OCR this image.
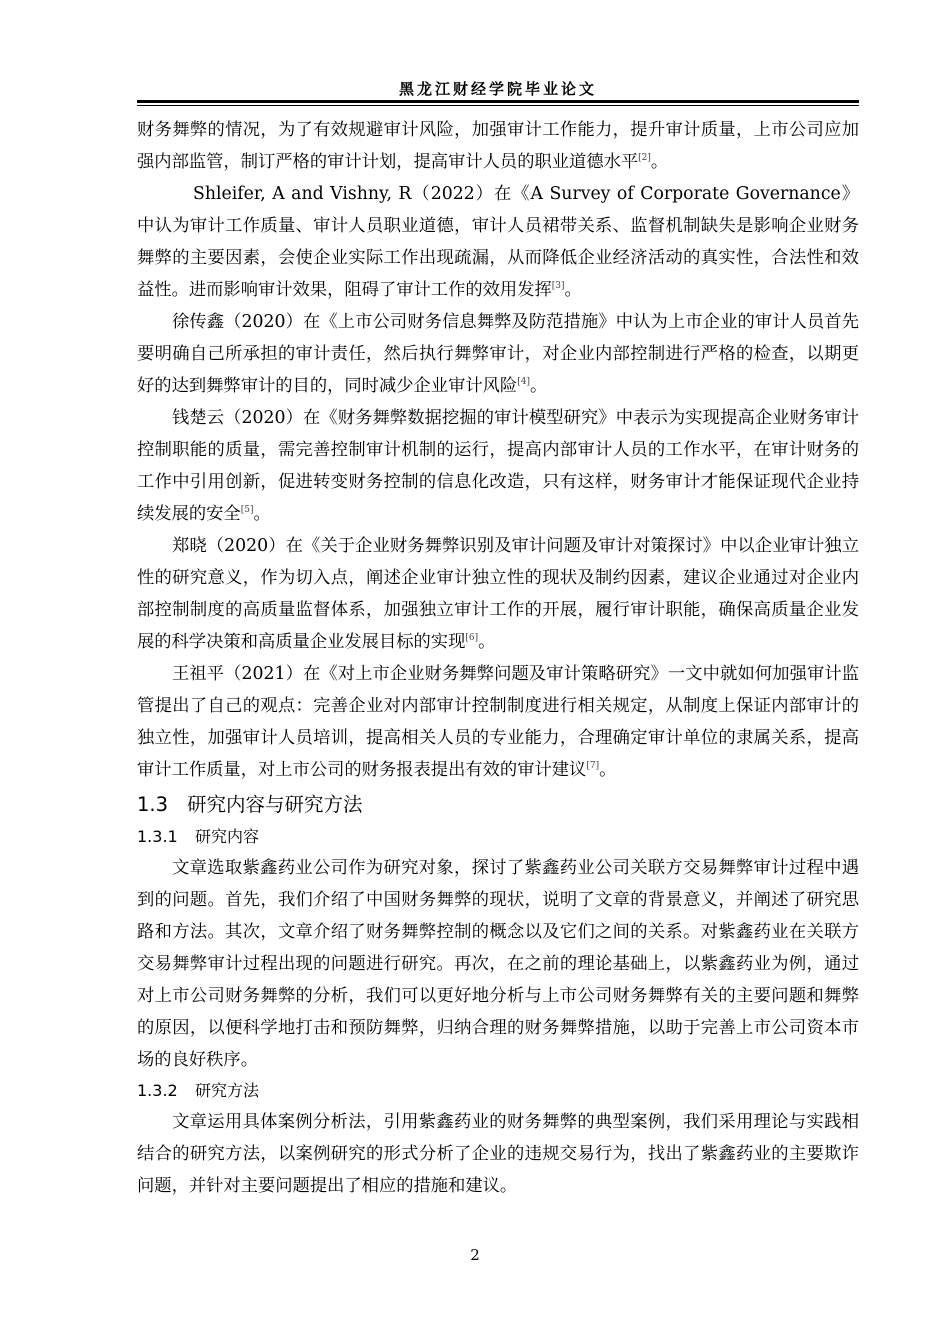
黑龙江财经学院毕业论文

财务舞弊的情况，为了有效规避审计风险，加强审计工作能力，提升审计质量，上市公司应加强内部监管，制订严格的审计计划，提高审计人员的职业道德水平[2]。

Shleifer, A and Vishny, R（2022）在《A Survey of Corporate Governance》中认为审计工作质量、审计人员职业道德，审计人员裙带关系、监督机制缺失是影响企业财务舞弊的主要因素，会使企业实际工作出现疏漏，从而降低企业经济活动的真实性，合法性和效益性。进而影响审计效果，阻碍了审计工作的效用发挥[3]。

徐传鑫（2020）在《上市公司财务信息舞弊及防范措施》中认为上市企业的审计人员首先要明确自己所承担的审计责任，然后执行舞弊审计，对企业内部控制进行严格的检查，以期更好的达到舞弊审计的目的，同时减少企业审计风险[4]。

钱楚云（2020）在《财务舞弊数据挖掘的审计模型研究》中表示为实现提高企业财务审计控制职能的质量，需完善控制审计机制的运行，提高内部审计人员的工作水平，在审计财务的工作中引用创新，促进转变财务控制的信息化改造，只有这样，财务审计才能保证现代企业持续发展的安全[5]。

郑晓（2020）在《关于企业财务舞弊识别及审计问题及审计对策探讨》中以企业审计独立性的研究意义，作为切入点，阐述企业审计独立性的现状及制约因素，建议企业通过对企业内部控制制度的高质量监督体系，加强独立审计工作的开展，履行审计职能，确保高质量企业发展的科学决策和高质量企业发展目标的实现[6]。

王祖平（2021）在《对上市企业财务舞弊问题及审计策略研究》一文中就如何加强审计监管提出了自己的观点：完善企业对内部审计控制制度进行相关规定，从制度上保证内部审计的独立性，加强审计人员培训，提高相关人员的专业能力，合理确定审计单位的隶属关系，提高审计工作质量，对上市公司的财务报表提出有效的审计建议[7]。

1.3 研究内容与研究方法
1.3.1 研究内容

文章选取紫鑫药业公司作为研究对象，探讨了紫鑫药业公司关联方交易舞弊审计过程中遇到的问题。首先，我们介绍了中国财务舞弊的现状，说明了文章的背景意义，并阐述了研究思路和方法。其次，文章介绍了财务舞弊控制的概念以及它们之间的关系。对紫鑫药业在关联方交易舞弊审计过程出现的问题进行研究。再次，在之前的理论基础上，以紫鑫药业为例，通过对上市公司财务舞弊的分析，我们可以更好地分析与上市公司财务舞弊有关的主要问题和舞弊的原因，以便科学地打击和预防舞弊，归纳合理的财务舞弊措施，以助于完善上市公司资本市场的良好秩序。

1.3.2 研究方法

文章运用具体案例分析法，引用紫鑫药业的财务舞弊的典型案例，我们采用理论与实践相结合的研究方法，以案例研究的形式分析了企业的违规交易行为，找出了紫鑫药业的主要欺诈问题，并针对主要问题提出了相应的措施和建议。

2
